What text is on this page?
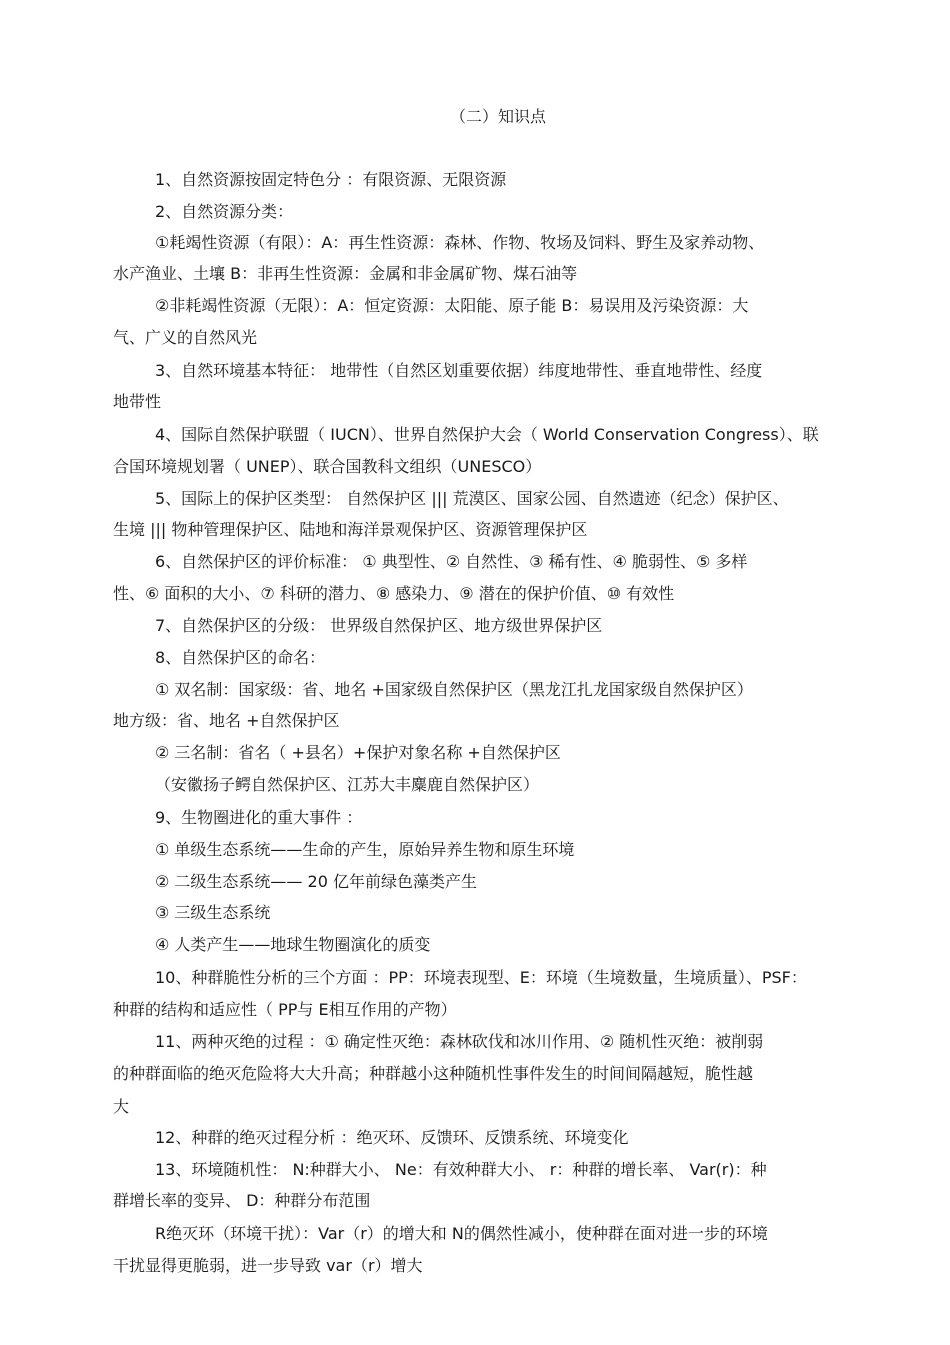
（二）知识点
1、自然资源按固定特色分 ：有限资源、无限资源
2、自然资源分类：
①耗竭性资源（有限）：A：再生性资源：森林、作物、牧场及饲料、野生及家养动物、
水产渔业、土壤 B：非再生性资源：金属和非金属矿物、煤石油等
②非耗竭性资源（无限）：A：恒定资源：太阳能、原子能 B：易误用及污染资源：大
气、广义的自然风光
3、自然环境基本特征： 地带性（自然区划重要依据）纬度地带性、垂直地带性、经度
地带性
4、国际自然保护联盟（ IUCN）、世界自然保护大会（ World Conservation Congress）、联
合国环境规划署（ UNEP）、联合国教科文组织（UNESCO）
5、国际上的保护区类型： 自然保护区 ||| 荒漠区、国家公园、自然遗迹（纪念）保护区、
生境 ||| 物种管理保护区、陆地和海洋景观保护区、资源管理保护区
6、自然保护区的评价标准： ① 典型性、② 自然性、③ 稀有性、④ 脆弱性、⑤ 多样
性、⑥ 面积的大小、⑦ 科研的潜力、⑧ 感染力、⑨ 潜在的保护价值、⑩ 有效性
7、自然保护区的分级： 世界级自然保护区、地方级世界保护区
8、自然保护区的命名：
① 双名制：国家级：省、地名 +国家级自然保护区（黑龙江扎龙国家级自然保护区）
地方级：省、地名 +自然保护区
② 三名制：省名（ +县名）+保护对象名称 +自然保护区
（安徽扬子鳄自然保护区、江苏大丰麋鹿自然保护区）
9、生物圈进化的重大事件 ：
① 单级生态系统——生命的产生，原始异养生物和原生环境
② 二级生态系统—— 20 亿年前绿色藻类产生
③ 三级生态系统
④ 人类产生——地球生物圈演化的质变
10、种群脆性分析的三个方面 ：PP：环境表现型、E：环境（生境数量，生境质量）、PSF：
种群的结构和适应性（ PP与 E相互作用的产物）
11、两种灭绝的过程 ：① 确定性灭绝：森林砍伐和冰川作用、② 随机性灭绝：被削弱
的种群面临的绝灭危险将大大升高；种群越小这种随机性事件发生的时间间隔越短，脆性越
大
12、种群的绝灭过程分析 ：绝灭环、反馈环、反馈系统、环境变化
13、环境随机性： N:种群大小、 Ne：有效种群大小、 r：种群的增长率、 Var(r)：种
群增长率的变异、 D：种群分布范围
R绝灭环（环境干扰）：Var（r）的增大和 N的偶然性减小，使种群在面对进一步的环境
干扰显得更脆弱，进一步导致 var（r）增大
